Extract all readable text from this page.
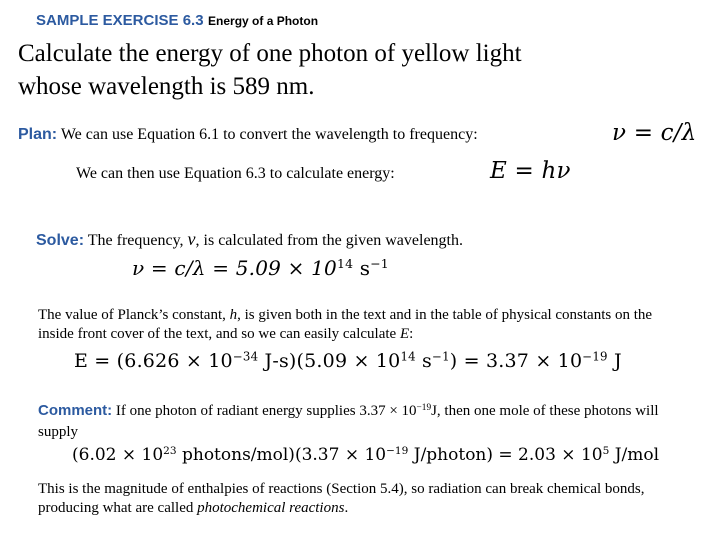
SAMPLE EXERCISE 6.3 Energy of a Photon
Calculate the energy of one photon of yellow light
whose wavelength is 589 nm.
Plan: We can use Equation 6.1 to convert the wavelength to frequency:	ν = c/λ
We can then use Equation 6.3 to calculate energy:	E = hν
Solve: The frequency, ν, is calculated from the given wavelength.
$\nu = c/\lambda = 5.09 \times 10^{14}$ $s^{-1}$
The value of Planck’s constant, h, is given both in the text and in the table of physical constants on the inside front cover of the text, and so we can easily calculate E:
$E = (6.626 \times 10^{-34}$ $J-s)(5.09 \times 10^{14}$ $s^{-1}) = 3.37 \times 10^{-19}$ J
Comment: If one photon of radiant energy supplies $3.37 \times 10^{-19}J$, then one mole of these photons will supply
($6.02 \times 10^{23}$ photons/mol)(3.37 × $10^{-19}$ J/photon) = $2.03 \times 10^5$ J/mol
This is the magnitude of enthalpies of reactions (Section 5.4), so radiation can break chemical bonds, producing what are called photochemical reactions.
